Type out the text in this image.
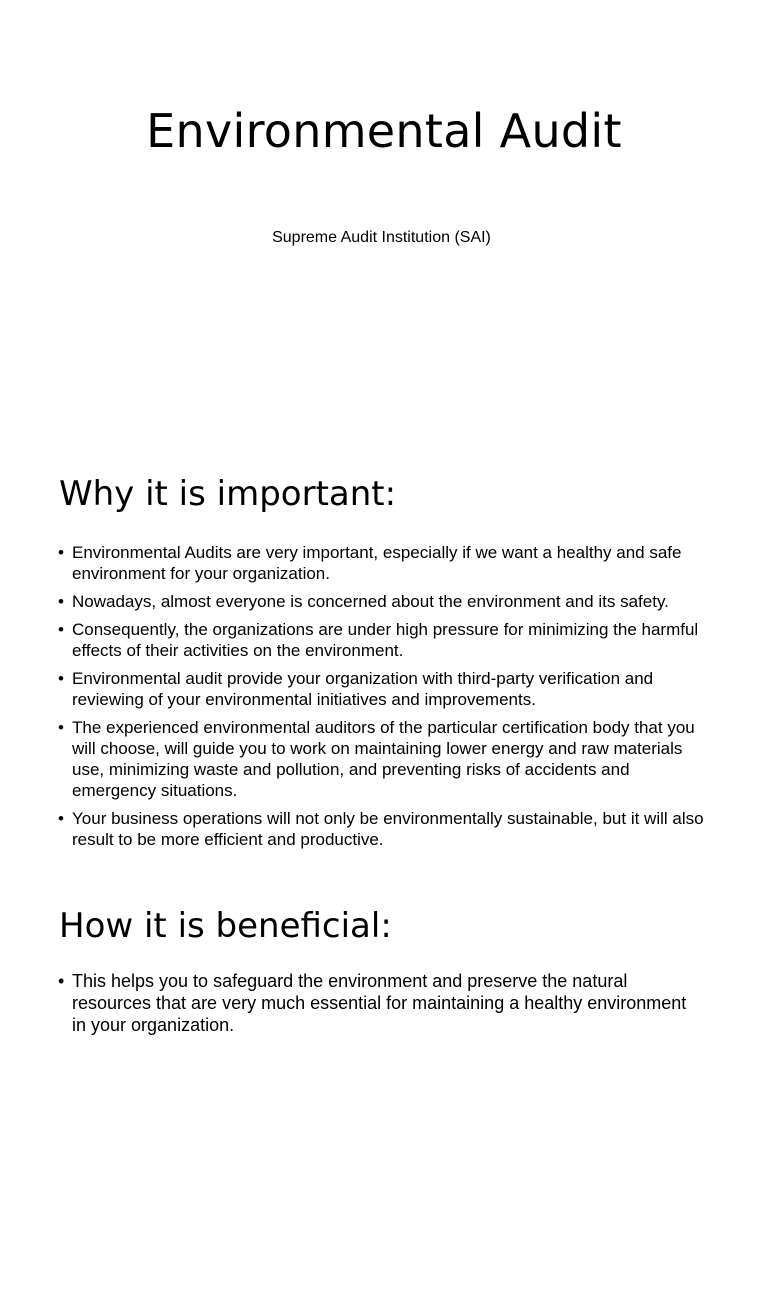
Environmental Audit

Supreme Audit Institution (SAI)

Why it is important:
• Environmental Audits are very important, especially if we want a healthy and safe environment for your organization.
• Nowadays, almost everyone is concerned about the environment and its safety.
• Consequently, the organizations are under high pressure for minimizing the harmful effects of their activities on the environment.
• Environmental audit provide your organization with third-party verification and reviewing of your environmental initiatives and improvements.
• The experienced environmental auditors of the particular certification body that you will choose, will guide you to work on maintaining lower energy and raw materials use, minimizing waste and pollution, and preventing risks of accidents and emergency situations.
• Your business operations will not only be environmentally sustainable, but it will also result to be more efficient and productive.
How it is beneficial:
• This helps you to safeguard the environment and preserve the natural resources that are very much essential for maintaining a healthy environment in your organization.
